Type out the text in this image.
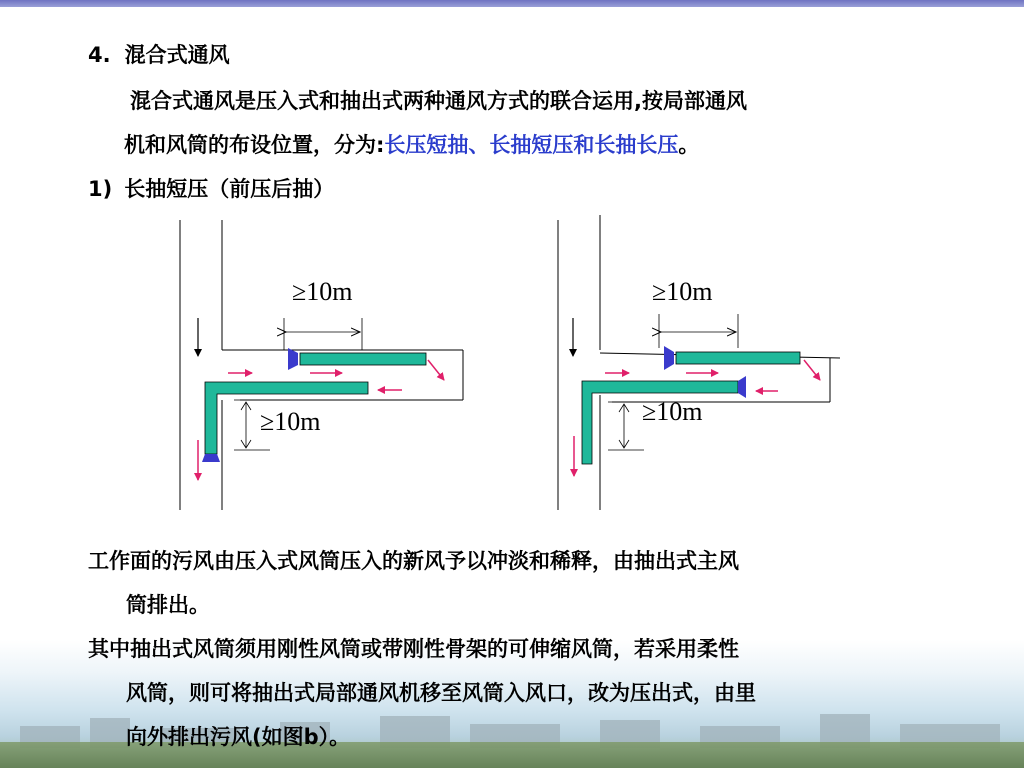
4. 混合式通风
混合式通风是压入式和抽出式两种通风方式的联合运用,按局部通风
机和风筒的布设位置，分为:长压短抽、长抽短压和长抽长压。
1) 长抽短压（前压后抽）
≥10m
≥10m
≥10m
≥10m
工作面的污风由压入式风筒压入的新风予以冲淡和稀释，由抽出式主风
筒排出。
其中抽出式风筒须用刚性风筒或带刚性骨架的可伸缩风筒，若采用柔性
风筒，则可将抽出式局部通风机移至风筒入风口，改为压出式，由里
向外排出污风(如图b）。
